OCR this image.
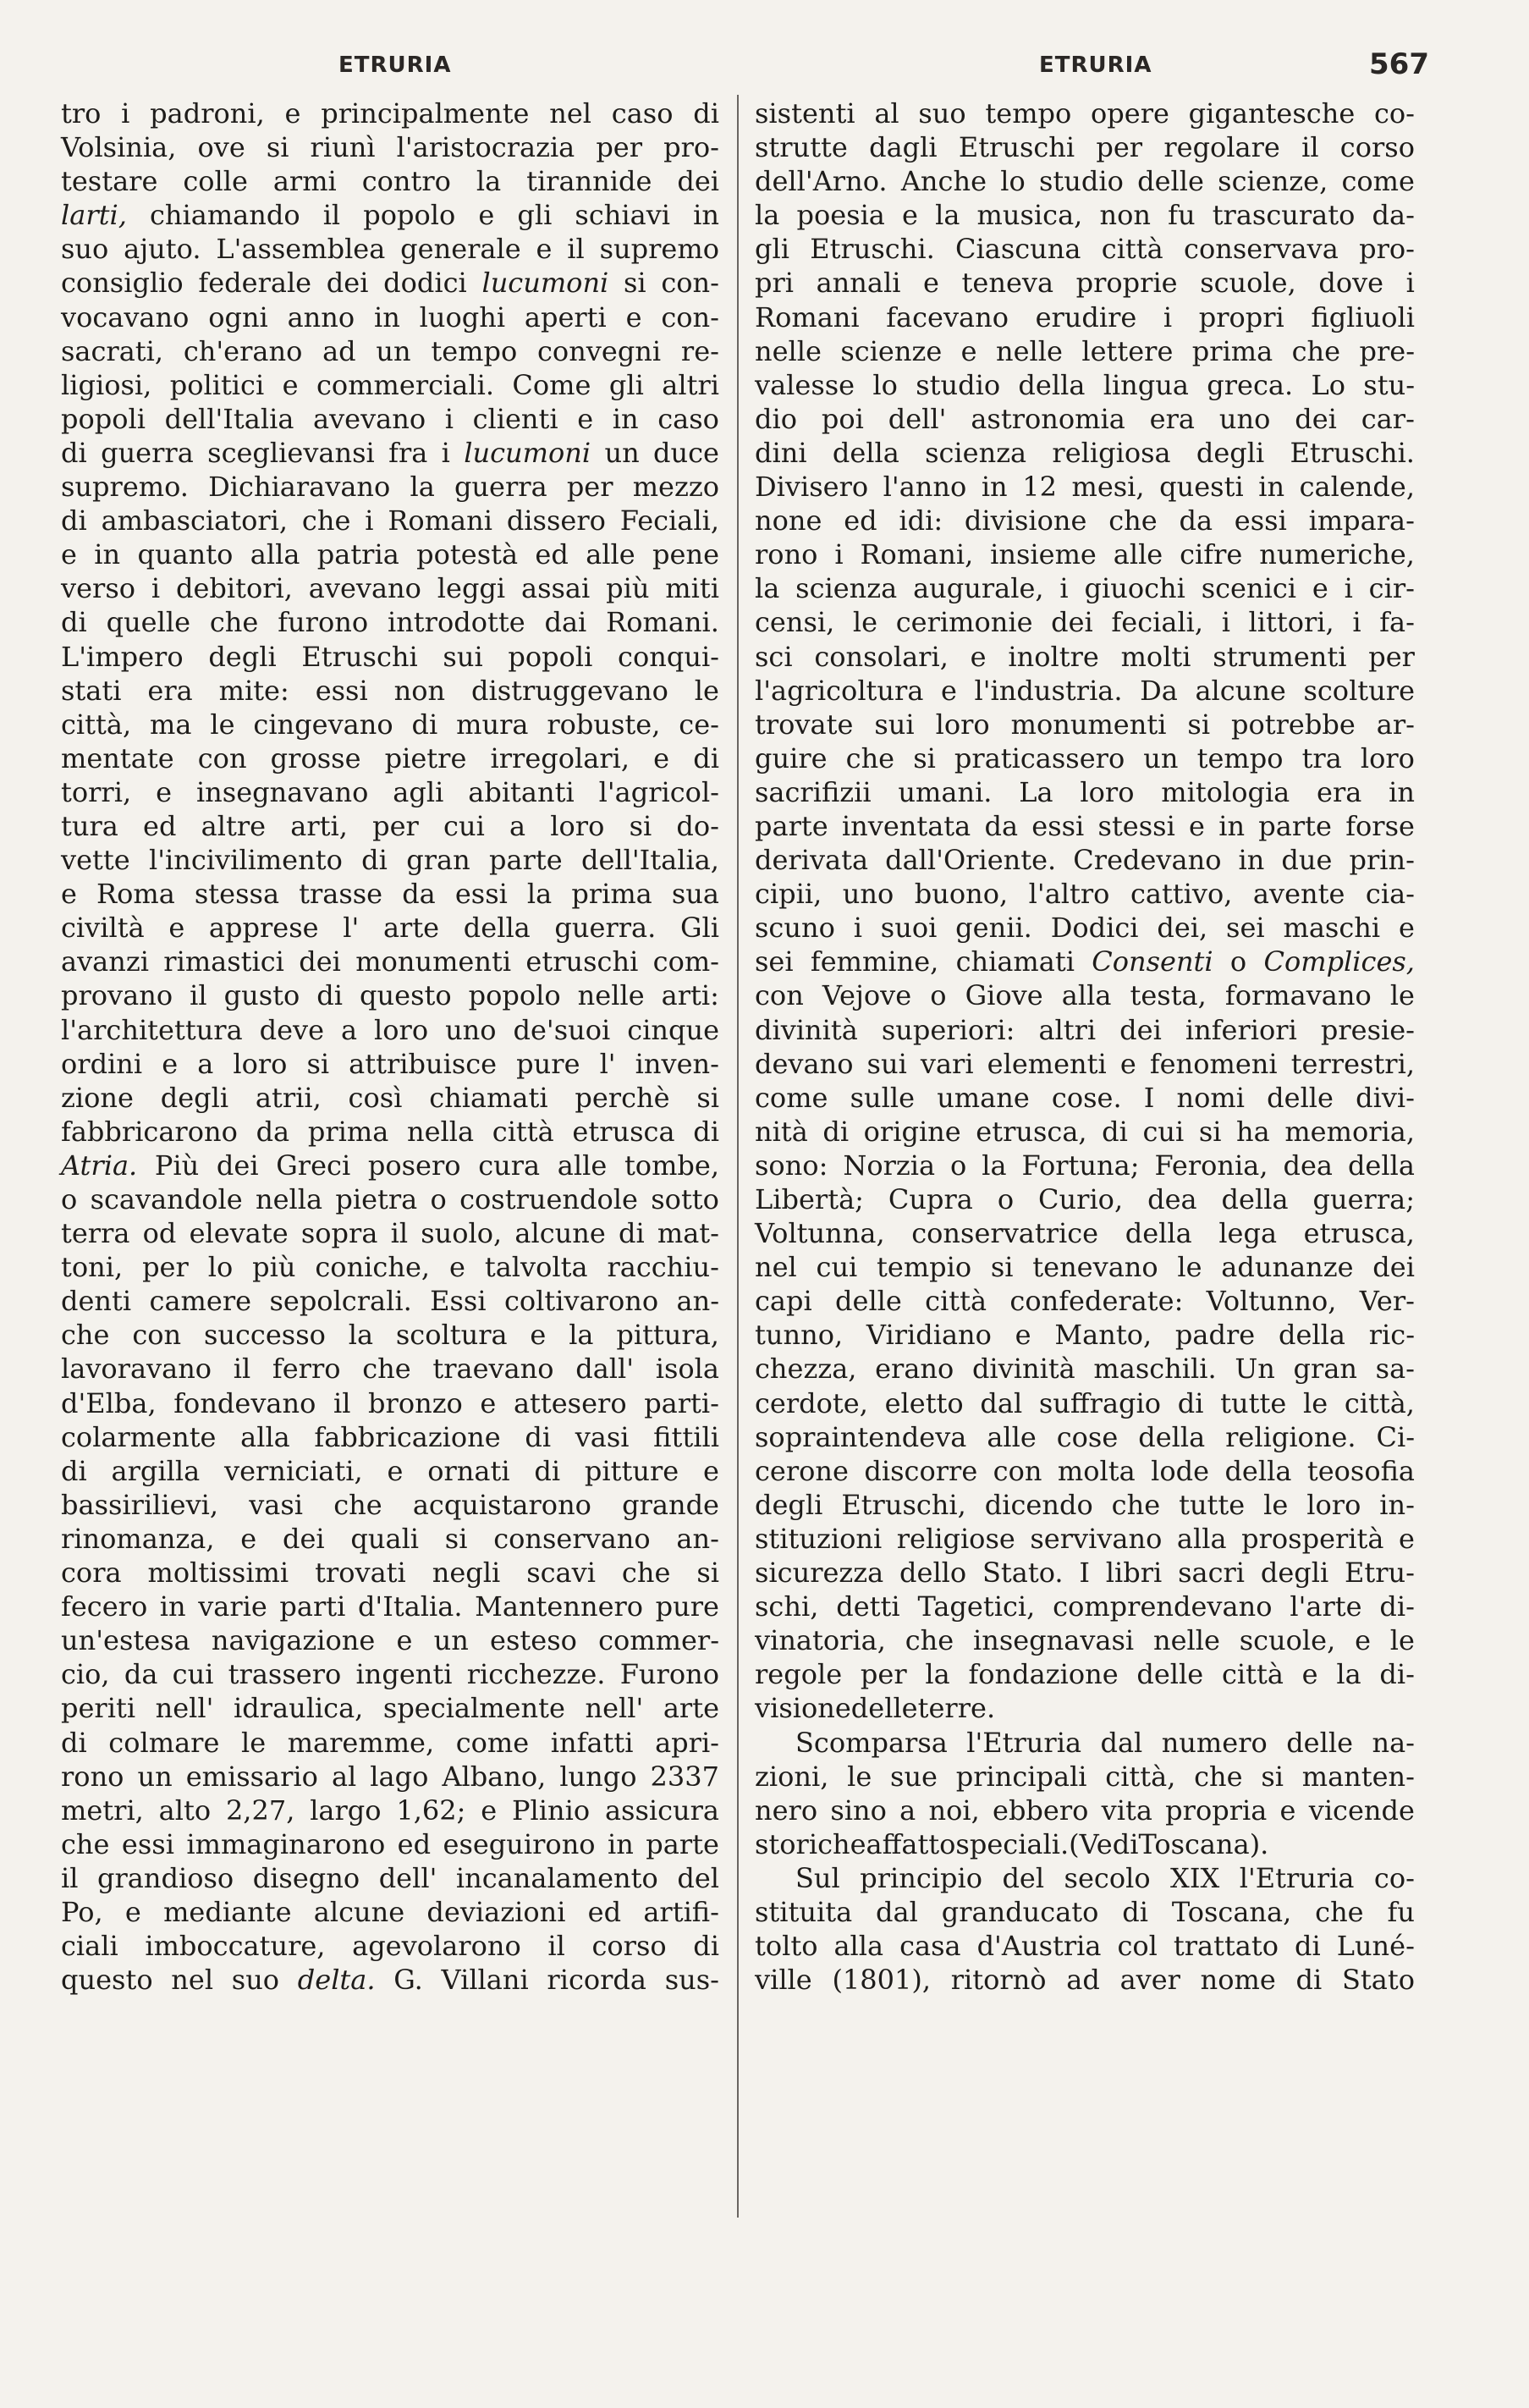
ETRURIA	ETRURIA	567
tro i padroni, e principalmente nel caso di
Volsinia, ove si riunì l'aristocrazia per pro-
testare colle armi contro la tirannide dei
larti, chiamando il popolo e gli schiavi in
suo ajuto. L'assemblea generale e il supremo
consiglio federale dei dodici lucumoni si con-
vocavano ogni anno in luoghi aperti e con-
sacrati, ch'erano ad un tempo convegni re-
ligiosi, politici e commerciali. Come gli altri
popoli dell'Italia avevano i clienti e in caso
di guerra sceglievansi fra i lucumoni un duce
supremo. Dichiaravano la guerra per mezzo
di ambasciatori, che i Romani dissero Feciali,
e in quanto alla patria potestà ed alle pene
verso i debitori, avevano leggi assai più miti
di quelle che furono introdotte dai Romani.
L'impero degli Etruschi sui popoli conqui-
stati era mite: essi non distruggevano le
città, ma le cingevano di mura robuste, ce-
mentate con grosse pietre irregolari, e di
torri, e insegnavano agli abitanti l'agricol-
tura ed altre arti, per cui a loro si do-
vette l'incivilimento di gran parte dell'Italia,
e Roma stessa trasse da essi la prima sua
civiltà e apprese l' arte della guerra. Gli
avanzi rimastici dei monumenti etruschi com-
provano il gusto di questo popolo nelle arti:
l'architettura deve a loro uno de'suoi cinque
ordini e a loro si attribuisce pure l' inven-
zione degli atrii, così chiamati perchè si
fabbricarono da prima nella città etrusca di
Atria. Più dei Greci posero cura alle tombe,
o scavandole nella pietra o costruendole sotto
terra od elevate sopra il suolo, alcune di mat-
toni, per lo più coniche, e talvolta racchiu-
denti camere sepolcrali. Essi coltivarono an-
che con successo la scoltura e la pittura,
lavoravano il ferro che traevano dall' isola
d'Elba, fondevano il bronzo e attesero parti-
colarmente alla fabbricazione di vasi fittili
di argilla verniciati, e ornati di pitture e
bassirilievi, vasi che acquistarono grande
rinomanza, e dei quali si conservano an-
cora moltissimi trovati negli scavi che si
fecero in varie parti d'Italia. Mantennero pure
un'estesa navigazione e un esteso commer-
cio, da cui trassero ingenti ricchezze. Furono
periti nell' idraulica, specialmente nell' arte
di colmare le maremme, come infatti apri-
rono un emissario al lago Albano, lungo 2337
metri, alto 2,27, largo 1,62; e Plinio assicura
che essi immaginarono ed eseguirono in parte
il grandioso disegno dell' incanalamento del
Po, e mediante alcune deviazioni ed artifi-
ciali imboccature, agevolarono il corso di
questo nel suo delta. G. Villani ricorda sus-
sistenti al suo tempo opere gigantesche co-
strutte dagli Etruschi per regolare il corso
dell'Arno. Anche lo studio delle scienze, come
la poesia e la musica, non fu trascurato da-
gli Etruschi. Ciascuna città conservava pro-
pri annali e teneva proprie scuole, dove i
Romani facevano erudire i propri figliuoli
nelle scienze e nelle lettere prima che pre-
valesse lo studio della lingua greca. Lo stu-
dio poi dell' astronomia era uno dei car-
dini della scienza religiosa degli Etruschi.
Divisero l'anno in 12 mesi, questi in calende,
none ed idi: divisione che da essi impara-
rono i Romani, insieme alle cifre numeriche,
la scienza augurale, i giuochi scenici e i cir-
censi, le cerimonie dei feciali, i littori, i fa-
sci consolari, e inoltre molti strumenti per
l'agricoltura e l'industria. Da alcune scolture
trovate sui loro monumenti si potrebbe ar-
guire che si praticassero un tempo tra loro
sacrifizii umani. La loro mitologia era in
parte inventata da essi stessi e in parte forse
derivata dall'Oriente. Credevano in due prin-
cipii, uno buono, l'altro cattivo, avente cia-
scuno i suoi genii. Dodici dei, sei maschi e
sei femmine, chiamati Consenti o Complices,
con Vejove o Giove alla testa, formavano le
divinità superiori: altri dei inferiori presie-
devano sui vari elementi e fenomeni terrestri,
come sulle umane cose. I nomi delle divi-
nità di origine etrusca, di cui si ha memoria,
sono: Norzia o la Fortuna; Feronia, dea della
Libertà; Cupra o Curio, dea della guerra;
Voltunna, conservatrice della lega etrusca,
nel cui tempio si tenevano le adunanze dei
capi delle città confederate: Voltunno, Ver-
tunno, Viridiano e Manto, padre della ric-
chezza, erano divinità maschili. Un gran sa-
cerdote, eletto dal suffragio di tutte le città,
sopraintendeva alle cose della religione. Ci-
cerone discorre con molta lode della teosofia
degli Etruschi, dicendo che tutte le loro in-
stituzioni religiose servivano alla prosperità e
sicurezza dello Stato. I libri sacri degli Etru-
schi, detti Tagetici, comprendevano l'arte di-
vinatoria, che insegnavasi nelle scuole, e le
regole per la fondazione delle città e la di-
visione delle terre.
Scomparsa l'Etruria dal numero delle na-
zioni, le sue principali città, che si manten-
nero sino a noi, ebbero vita propria e vicende
storiche affatto speciali. (Vedi Toscana).
Sul principio del secolo XIX l'Etruria co-
stituita dal granducato di Toscana, che fu
tolto alla casa d'Austria col trattato di Luné-
ville (1801), ritornò ad aver nome di Stato
